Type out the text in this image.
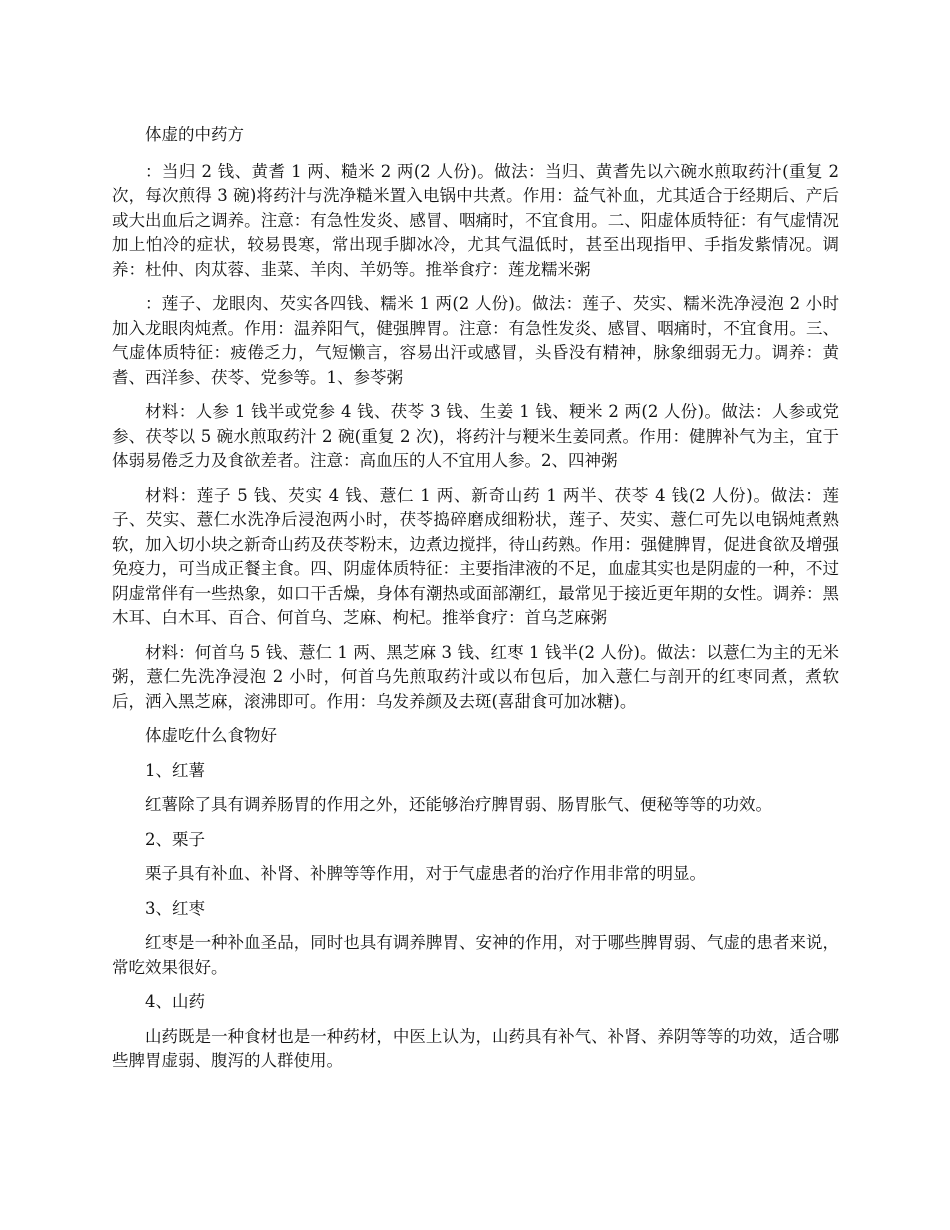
体虚的中药方

：当归 2 钱、黄耆 1 两、糙米 2 两(2 人份)。做法：当归、黄耆先以六碗水煎取药汁(重复 2 次，每次煎得 3 碗)将药汁与洗净糙米置入电锅中共煮。作用：益气补血，尤其适合于经期后、产后或大出血后之调养。注意：有急性发炎、感冒、咽痛时，不宜食用。二、阳虚体质特征：有气虚情况加上怕冷的症状，较易畏寒，常出现手脚冰冷，尤其气温低时，甚至出现指甲、手指发紫情况。调养：杜仲、肉苁蓉、韭菜、羊肉、羊奶等。推举食疗：莲龙糯米粥

：莲子、龙眼肉、芡实各四钱、糯米 1 两(2 人份)。做法：莲子、芡实、糯米洗净浸泡 2 小时加入龙眼肉炖煮。作用：温养阳气，健强脾胃。注意：有急性发炎、感冒、咽痛时，不宜食用。三、气虚体质特征：疲倦乏力，气短懒言，容易出汗或感冒，头昏没有精神，脉象细弱无力。调养：黄耆、西洋参、茯苓、党参等。1、参苓粥

材料：人参 1 钱半或党参 4 钱、茯苓 3 钱、生姜 1 钱、粳米 2 两(2 人份)。做法：人参或党参、茯苓以 5 碗水煎取药汁 2 碗(重复 2 次)，将药汁与粳米生姜同煮。作用：健脾补气为主，宜于体弱易倦乏力及食欲差者。注意：高血压的人不宜用人参。2、四神粥

材料：莲子 5 钱、芡实 4 钱、薏仁 1 两、新奇山药 1 两半、茯苓 4 钱(2 人份)。做法：莲子、芡实、薏仁水洗净后浸泡两小时，茯苓捣碎磨成细粉状，莲子、芡实、薏仁可先以电锅炖煮熟软，加入切小块之新奇山药及茯苓粉末，边煮边搅拌，待山药熟。作用：强健脾胃，促进食欲及增强免疫力，可当成正餐主食。四、阴虚体质特征：主要指津液的不足，血虚其实也是阴虚的一种，不过阴虚常伴有一些热象，如口干舌燥，身体有潮热或面部潮红，最常见于接近更年期的女性。调养：黑木耳、白木耳、百合、何首乌、芝麻、枸杞。推举食疗：首乌芝麻粥

材料：何首乌 5 钱、薏仁 1 两、黑芝麻 3 钱、红枣 1 钱半(2 人份)。做法：以薏仁为主的无米粥，薏仁先洗净浸泡 2 小时，何首乌先煎取药汁或以布包后，加入薏仁与剖开的红枣同煮，煮软后，洒入黑芝麻，滚沸即可。作用：乌发养颜及去斑(喜甜食可加冰糖)。

体虚吃什么食物好

1、红薯

红薯除了具有调养肠胃的作用之外，还能够治疗脾胃弱、肠胃胀气、便秘等等的功效。

2、栗子

栗子具有补血、补肾、补脾等等作用，对于气虚患者的治疗作用非常的明显。

3、红枣

红枣是一种补血圣品，同时也具有调养脾胃、安神的作用，对于哪些脾胃弱、气虚的患者来说，常吃效果很好。

4、山药

山药既是一种食材也是一种药材，中医上认为，山药具有补气、补肾、养阴等等的功效，适合哪些脾胃虚弱、腹泻的人群使用。
